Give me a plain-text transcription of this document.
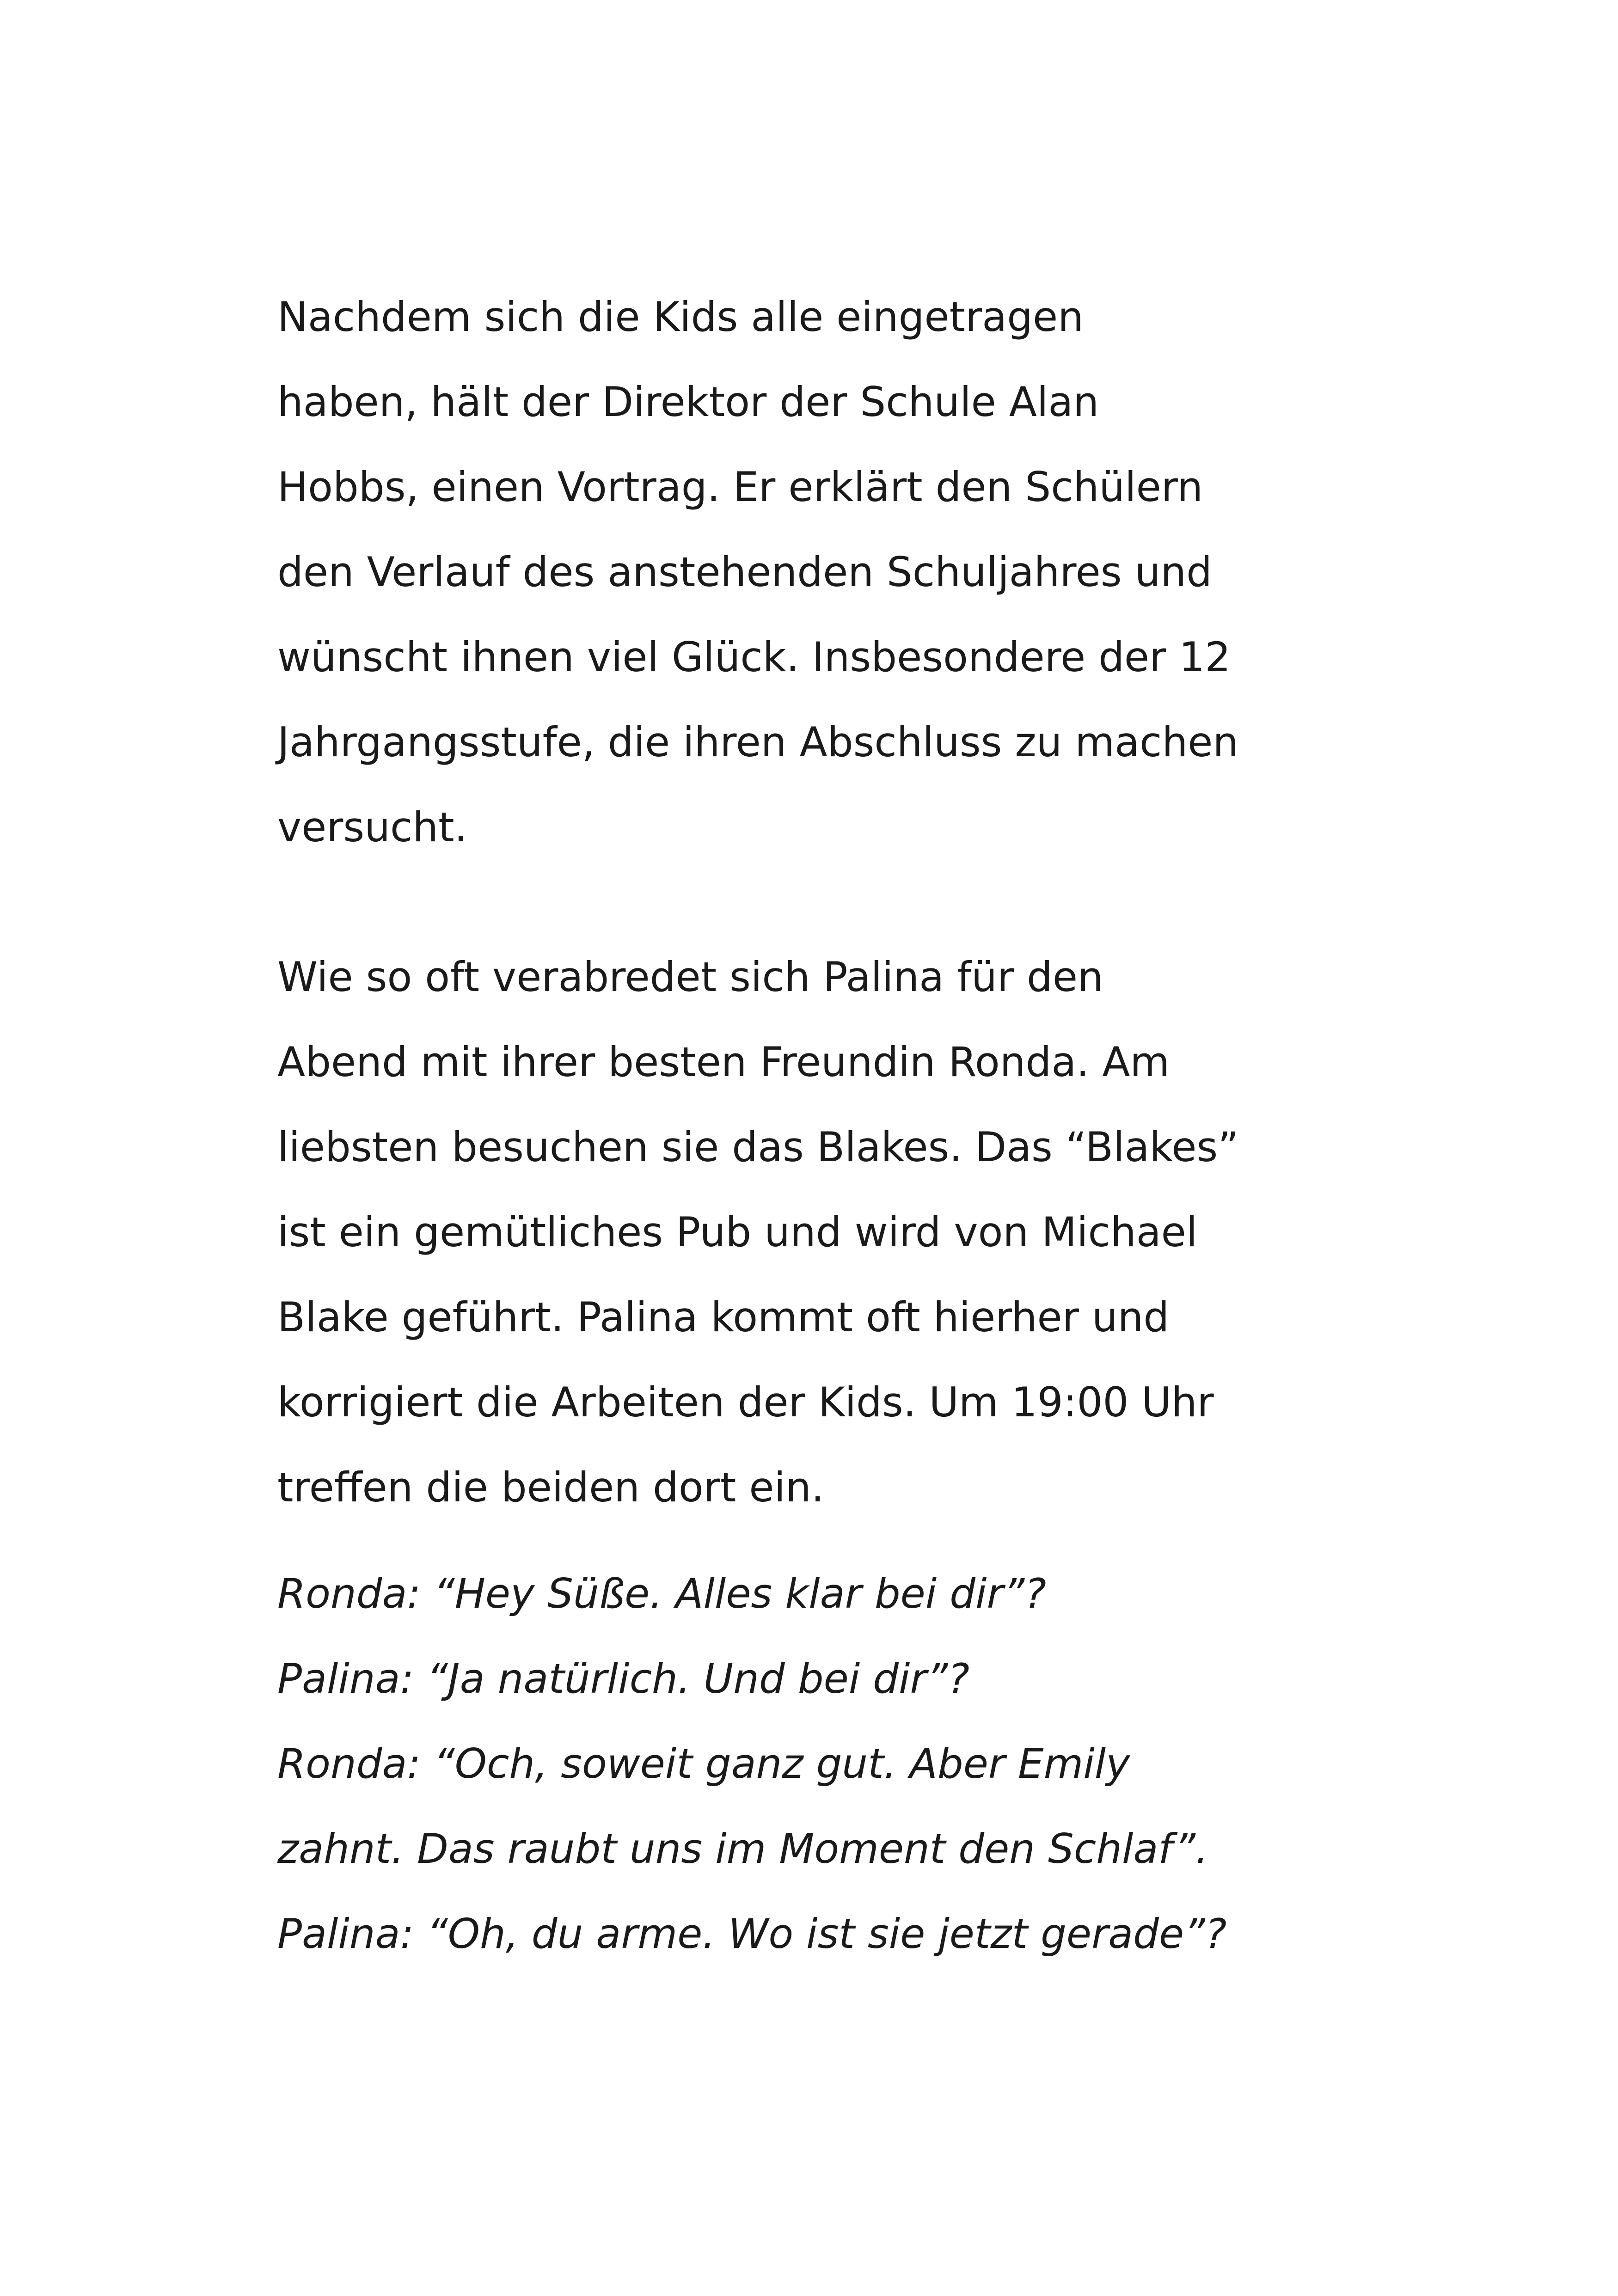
Nachdem sich die Kids alle eingetragen
haben, hält der Direktor der Schule Alan
Hobbs, einen Vortrag. Er erklärt den Schülern
den Verlauf des anstehenden Schuljahres und
wünscht ihnen viel Glück. Insbesondere der 12
Jahrgangsstufe, die ihren Abschluss zu machen
versucht.
Wie so oft verabredet sich Palina für den
Abend mit ihrer besten Freundin Ronda. Am
liebsten besuchen sie das Blakes. Das “Blakes”
ist ein gemütliches Pub und wird von Michael
Blake geführt. Palina kommt oft hierher und
korrigiert die Arbeiten der Kids. Um 19:00 Uhr
treffen die beiden dort ein.
Ronda: “Hey Süße. Alles klar bei dir”?
Palina: “Ja natürlich. Und bei dir”?
Ronda: “Och, soweit ganz gut. Aber Emily
zahnt. Das raubt uns im Moment den Schlaf”.
Palina: “Oh, du arme. Wo ist sie jetzt gerade”?
